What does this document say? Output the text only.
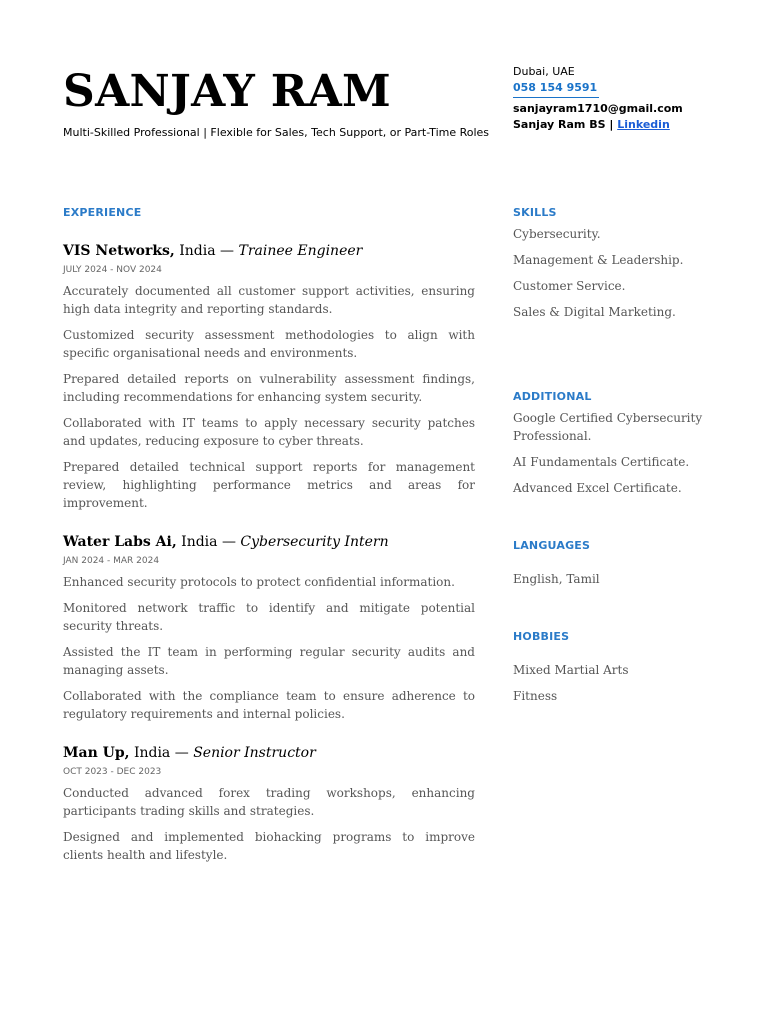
SANJAY RAM
Multi-Skilled Professional | Flexible for Sales, Tech Support, or Part-Time Roles
Dubai, UAE
058 154 9591
sanjayram1710@gmail.com
Sanjay Ram BS | Linkedin
EXPERIENCE
VIS Networks, India — Trainee Engineer
JULY 2024 - NOV 2024

Accurately documented all customer support activities, ensuring high data integrity and reporting standards.

Customized security assessment methodologies to align with specific organisational needs and environments.

Prepared detailed reports on vulnerability assessment findings, including recommendations for enhancing system security.

Collaborated with IT teams to apply necessary security patches and updates, reducing exposure to cyber threats.

Prepared detailed technical support reports for management review, highlighting performance metrics and areas for improvement.

Water Labs Ai, India — Cybersecurity Intern
JAN 2024 - MAR 2024

Enhanced security protocols to protect confidential information.

Monitored network traffic to identify and mitigate potential security threats.

Assisted the IT team in performing regular security audits and managing assets.

Collaborated with the compliance team to ensure adherence to regulatory requirements and internal policies.

Man Up, India — Senior Instructor
OCT 2023 - DEC 2023

Conducted advanced forex trading workshops, enhancing participants trading skills and strategies.

Designed and implemented biohacking programs to improve clients health and lifestyle.

SKILLS

Cybersecurity.

Management & Leadership.

Customer Service.

Sales & Digital Marketing.

ADDITIONAL

Google Certified Cybersecurity Professional.

AI Fundamentals Certificate.

Advanced Excel Certificate.

LANGUAGES

English, Tamil

HOBBIES

Mixed Martial Arts

Fitness
